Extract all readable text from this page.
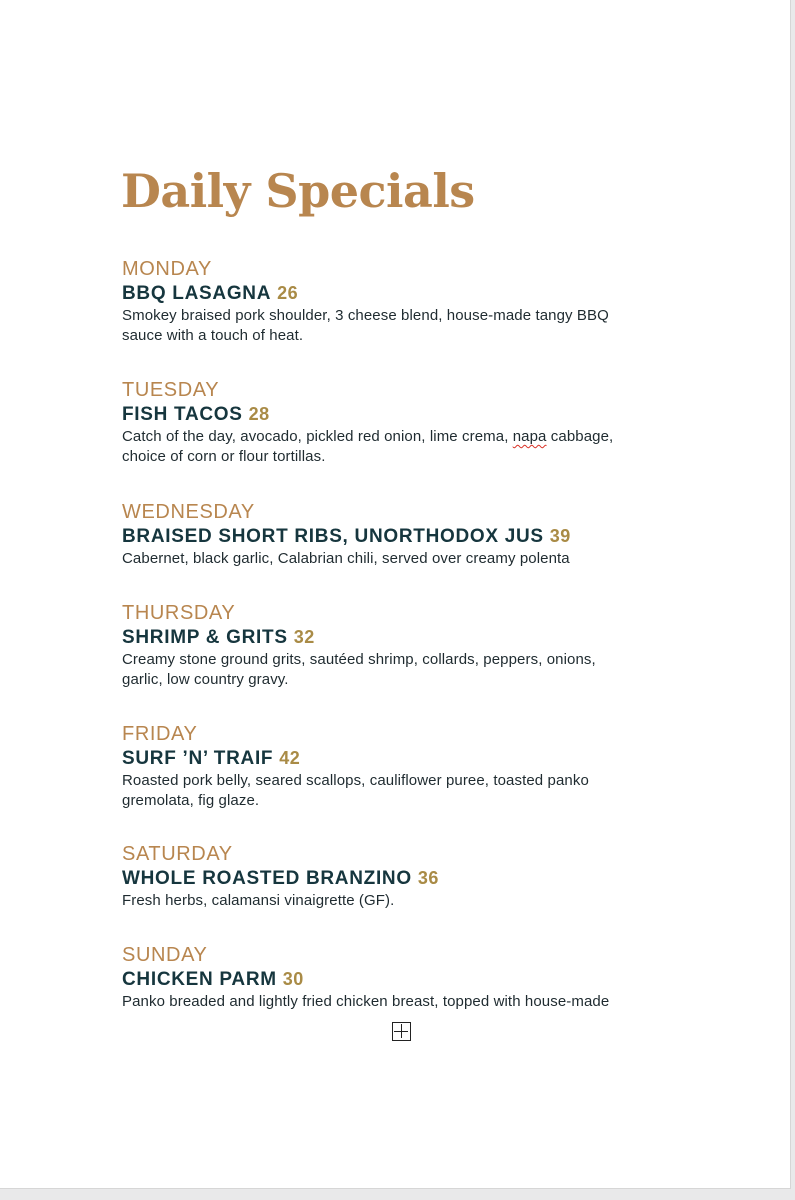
Daily Specials
MONDAY
BBQ LASAGNA 26
Smokey braised pork shoulder, 3 cheese blend, house-made tangy BBQ
sauce with a touch of heat.
TUESDAY
FISH TACOS 28
Catch of the day, avocado, pickled red onion, lime crema, napa cabbage,
choice of corn or flour tortillas.
WEDNESDAY
BRAISED SHORT RIBS, UNORTHODOX JUS 39
Cabernet, black garlic, Calabrian chili, served over creamy polenta
THURSDAY
SHRIMP & GRITS 32
Creamy stone ground grits, sautéed shrimp, collards, peppers, onions,
garlic, low country gravy.
FRIDAY
SURF ’N’ TRAIF 42
Roasted pork belly, seared scallops, cauliflower puree, toasted panko
gremolata, fig glaze.
SATURDAY
WHOLE ROASTED BRANZINO 36
Fresh herbs, calamansi vinaigrette (GF).
SUNDAY
CHICKEN PARM 30
Panko breaded and lightly fried chicken breast, topped with house-made
